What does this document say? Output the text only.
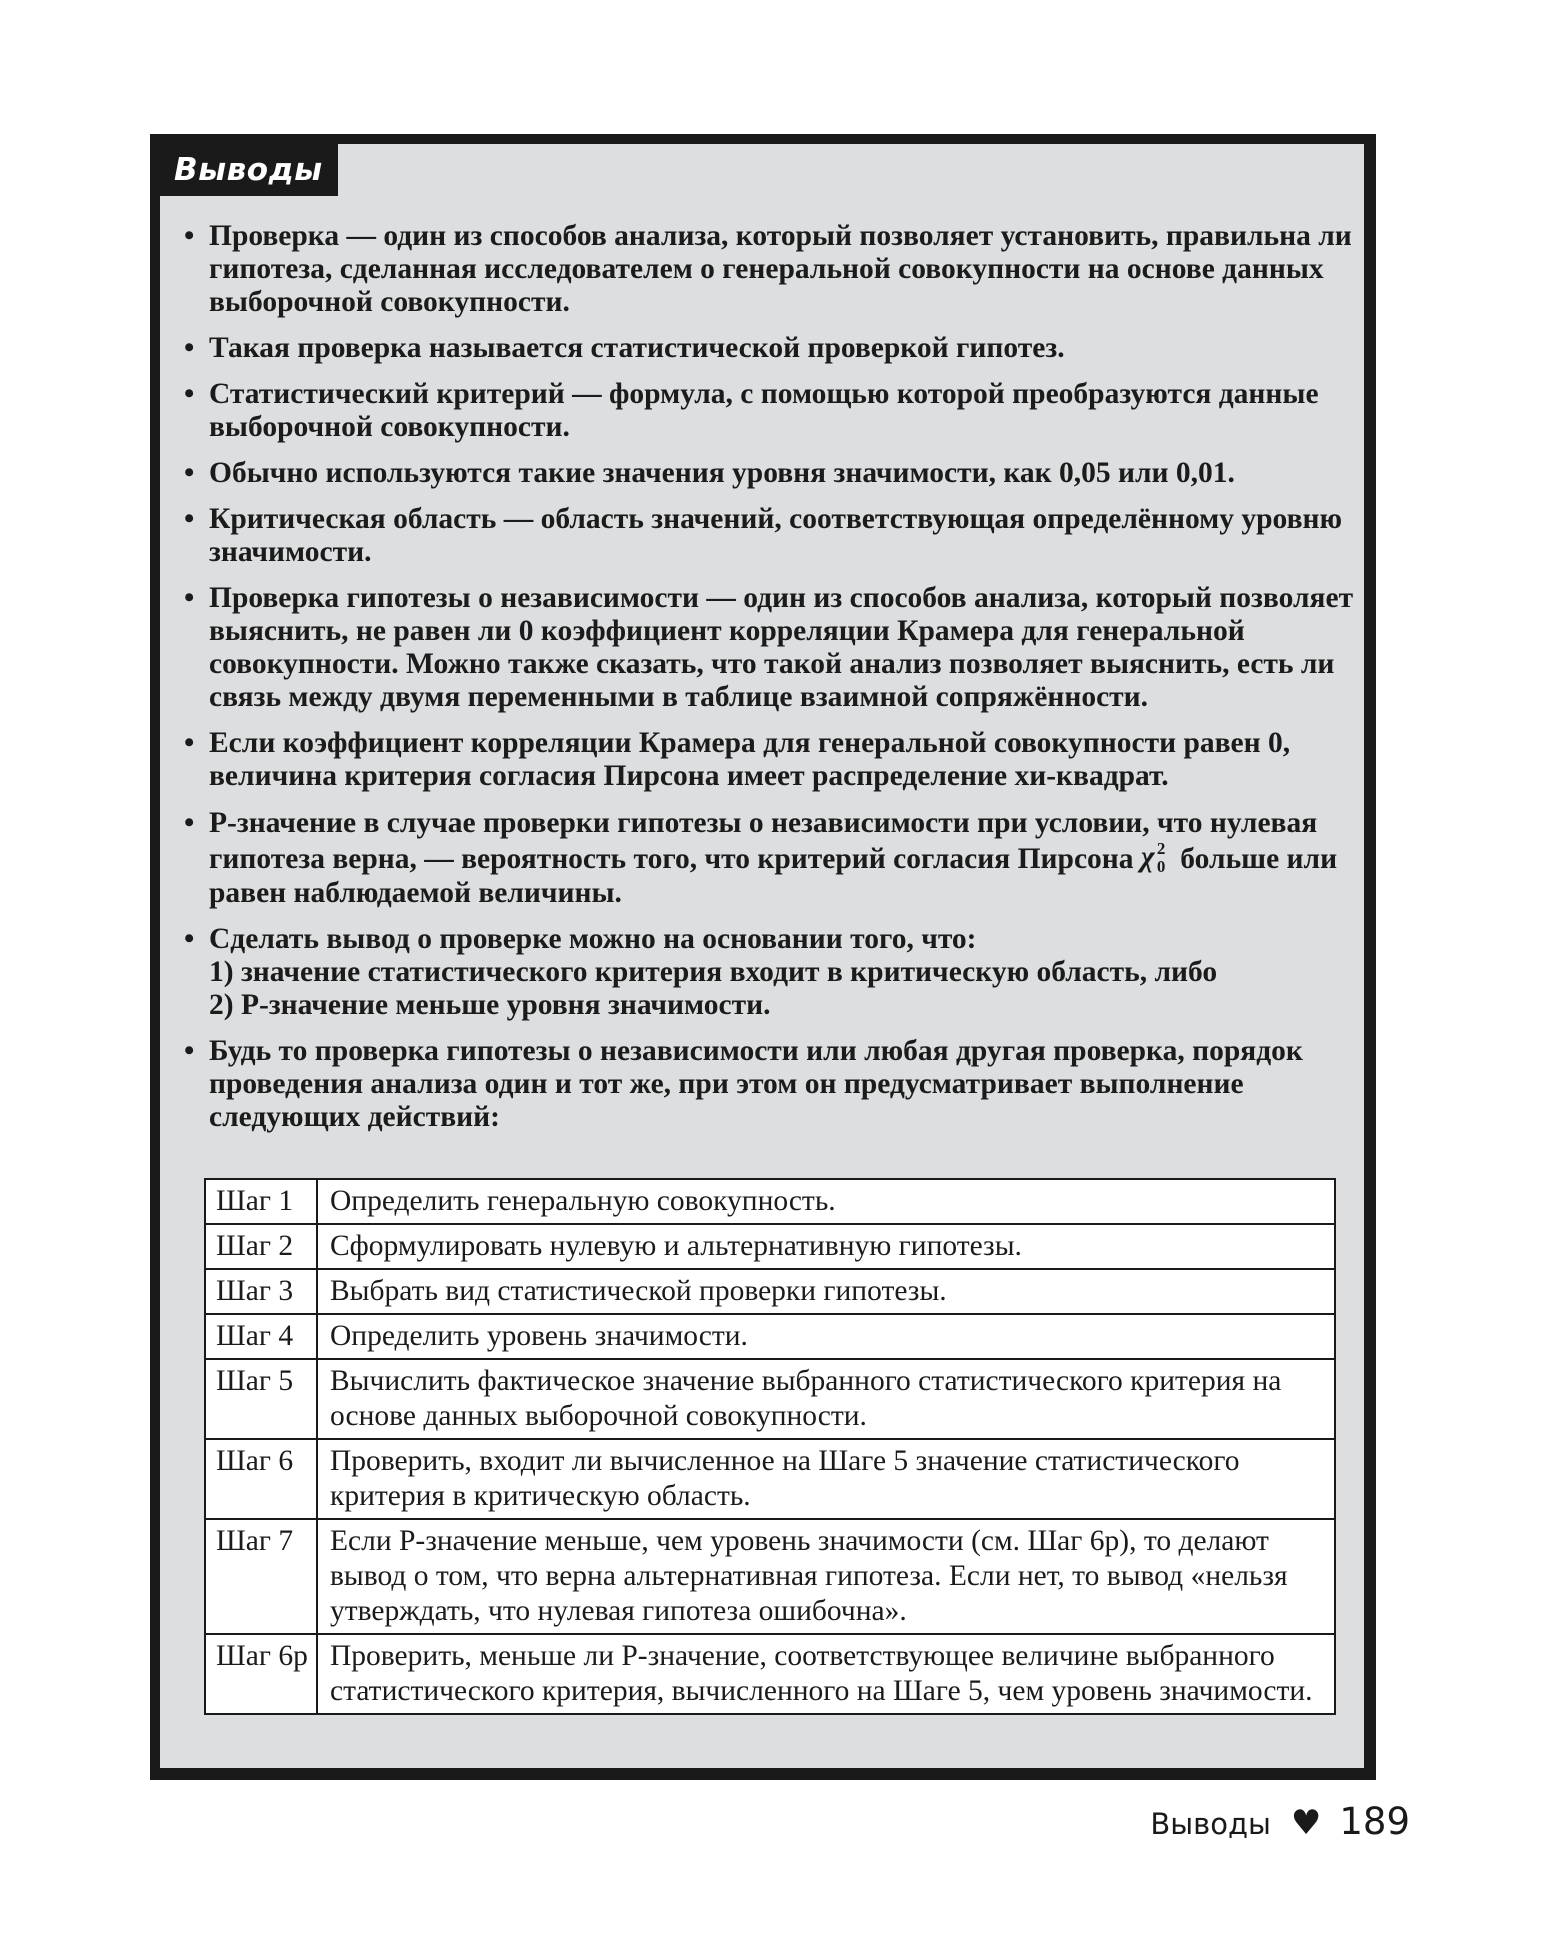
Выводы
• Проверка — один из способов анализа, который позволяет установить, правильна ли гипотеза, сделанная исследователем о генеральной совокупности на основе данных выборочной совокупности.
• Такая проверка называется статистической проверкой гипотез.
• Статистический критерий — формула, с помощью которой преобразуются данные выборочной совокупности.
• Обычно используются такие значения уровня значимости, как 0,05 или 0,01.
• Критическая область — область значений, соответствующая определённому уровню значимости.
• Проверка гипотезы о независимости — один из способов анализа, который позволяет выяснить, не равен ли 0 коэффициент корреляции Крамера для генеральной совокупности. Можно также сказать, что такой анализ позволяет выяснить, есть ли связь между двумя переменными в таблице взаимной сопряжённости.
• Если коэффициент корреляции Крамера для генеральной совокупности равен 0, величина критерия согласия Пирсона имеет распределение хи-квадрат.
• Р-значение в случае проверки гипотезы о независимости при условии, что нулевая гипотеза верна, — вероятность того, что критерий согласия Пирсона χ 2
0 больше или равен наблюдаемой величины.
• Сделать вывод о проверке можно на основании того, что:
1) значение статистического критерия входит в критическую область, либо
2) Р-значение меньше уровня значимости.
• Будь то проверка гипотезы о независимости или любая другая проверка, порядок проведения анализа один и тот же, при этом он предусматривает выполнение следующих действий:
Шаг 1	Определить генеральную совокупность.
Шаг 2	Сформулировать нулевую и альтернативную гипотезы.
Шаг 3	Выбрать вид статистической проверки гипотезы.
Шаг 4	Определить уровень значимости.
Шаг 5	Вычислить фактическое значение выбранного статистического критерия на основе данных выборочной совокупности.
Шаг 6	Проверить, входит ли вычисленное на Шаге 5 значение статистического критерия в критическую область.
Шаг 7	Если Р-значение меньше, чем уровень значимости (см. Шаг 6р), то делают вывод о том, что верна альтернативная гипотеза. Если нет, то вывод «нельзя утверждать, что нулевая гипотеза ошибочна».
Шаг 6р	Проверить, меньше ли Р-значение, соответствующее величине выбранного статистического критерия, вычисленного на Шаге 5, чем уровень значимости.
Выводы ♥ 189
